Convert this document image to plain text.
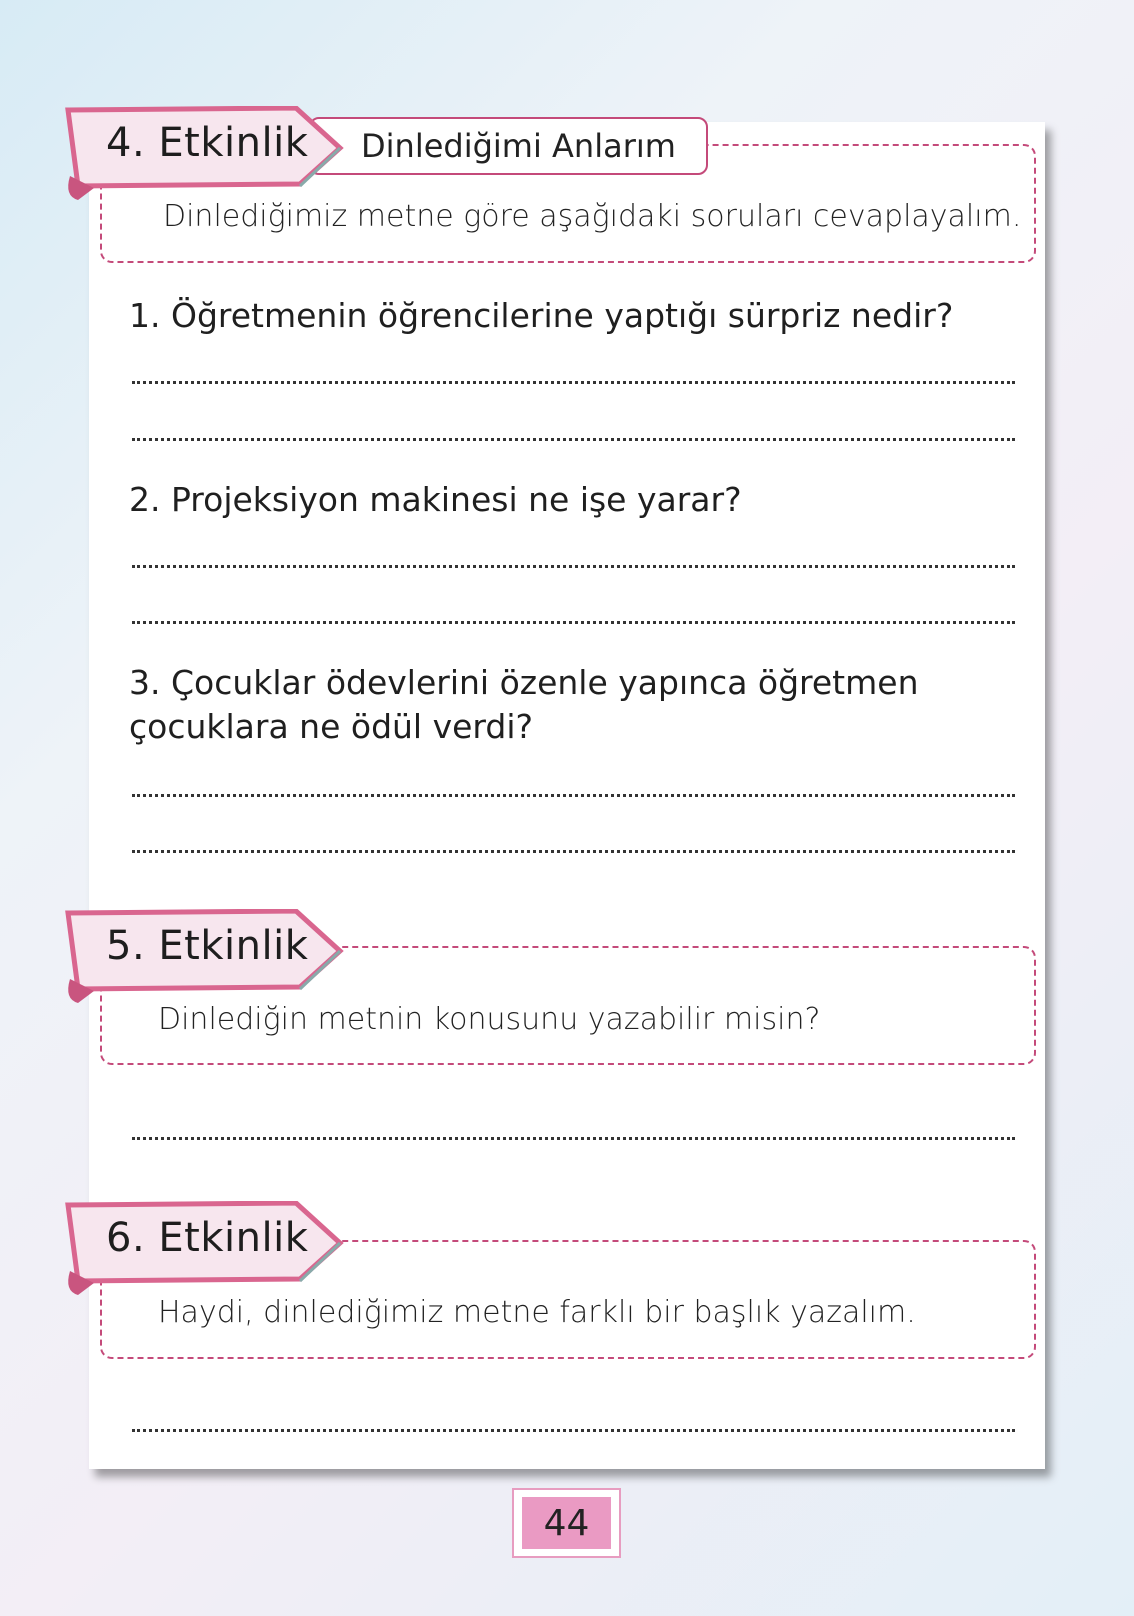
Dinlediğimi Anlarım
4. Etkinlik
Dinlediğimiz metne göre aşağıdaki soruları cevaplayalım.
1. Öğretmenin öğrencilerine yaptığı sürpriz nedir?
2. Projeksiyon makinesi ne işe yarar?
3. Çocuklar ödevlerini özenle yapınca öğretmen
çocuklara ne ödül verdi?
5. Etkinlik
Dinlediğin metnin konusunu yazabilir misin?
6. Etkinlik
Haydi, dinlediğimiz metne farklı bir başlık yazalım.
44
